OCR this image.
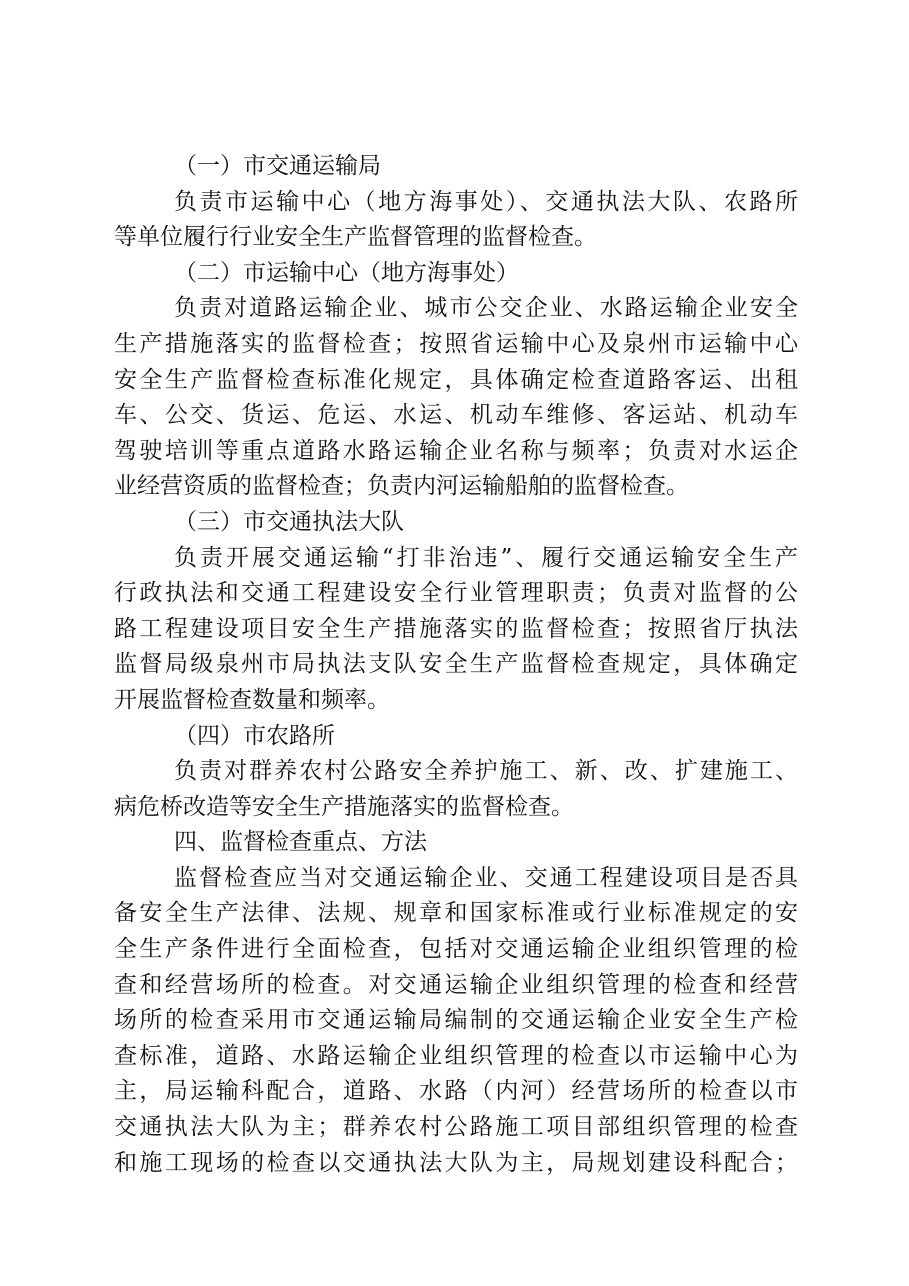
（一）市交通运输局
负责市运输中心（地方海事处）、交通执法大队、农路所
等单位履行行业安全生产监督管理的监督检查。
（二）市运输中心（地方海事处）
负责对道路运输企业、城市公交企业、水路运输企业安全
生产措施落实的监督检查；按照省运输中心及泉州市运输中心
安全生产监督检查标准化规定，具体确定检查道路客运、出租
车、公交、货运、危运、水运、机动车维修、客运站、机动车
驾驶培训等重点道路水路运输企业名称与频率；负责对水运企
业经营资质的监督检查；负责内河运输船舶的监督检查。
（三）市交通执法大队
负责开展交通运输“打非治违”、履行交通运输安全生产
行政执法和交通工程建设安全行业管理职责；负责对监督的公
路工程建设项目安全生产措施落实的监督检查；按照省厅执法
监督局级泉州市局执法支队安全生产监督检查规定，具体确定
开展监督检查数量和频率。
（四）市农路所
负责对群养农村公路安全养护施工、新、改、扩建施工、
病危桥改造等安全生产措施落实的监督检查。
四、监督检查重点、方法
监督检查应当对交通运输企业、交通工程建设项目是否具
备安全生产法律、法规、规章和国家标准或行业标准规定的安
全生产条件进行全面检查，包括对交通运输企业组织管理的检
查和经营场所的检查。对交通运输企业组织管理的检查和经营
场所的检查采用市交通运输局编制的交通运输企业安全生产检
查标准，道路、水路运输企业组织管理的检查以市运输中心为
主，局运输科配合，道路、水路（内河）经营场所的检查以市
交通执法大队为主；群养农村公路施工项目部组织管理的检查
和施工现场的检查以交通执法大队为主，局规划建设科配合；
